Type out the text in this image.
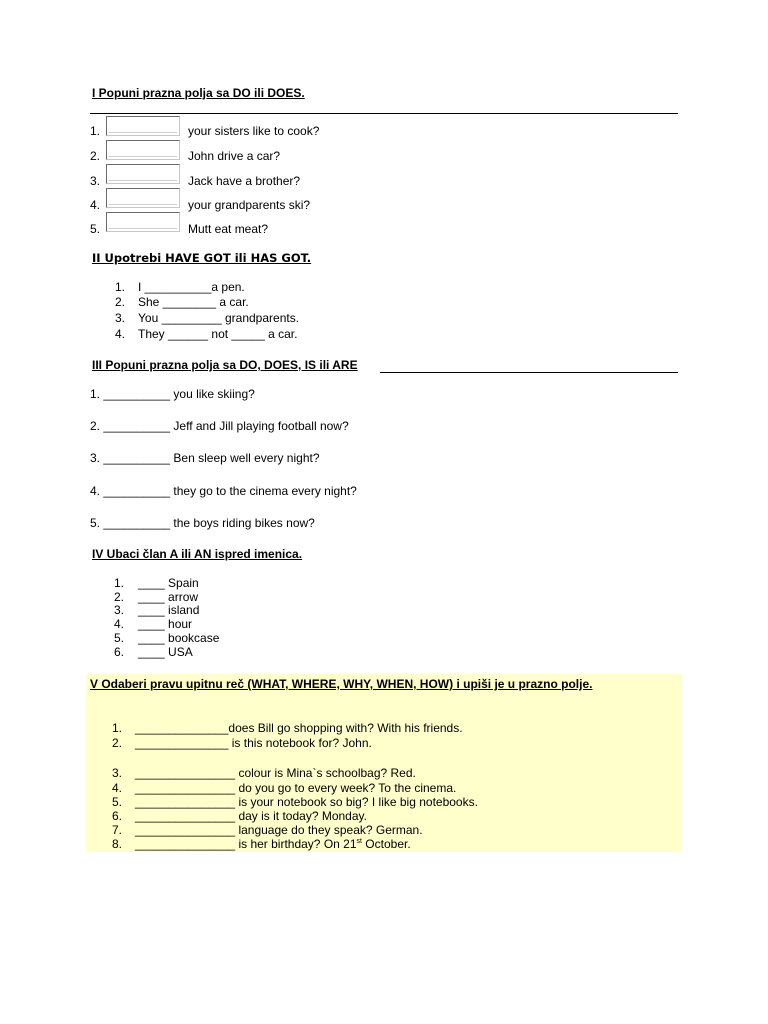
I Popuni prazna polja sa DO ili DOES.
1.	your sisters like to cook?
2.	John drive a car?
3.	Jack have a brother?
4.	your grandparents ski?
5.	Mutt eat meat?
II Upotrebi HAVE GOT ili HAS GOT.
1. I __________a pen.
2. She ________ a car.
3. You _________ grandparents.
4. They ______ not _____ a car.
III Popuni prazna polja sa DO, DOES, IS ili ARE
1. __________ you like skiing?
2. __________ Jeff and Jill playing football now?
3. __________ Ben sleep well every night?
4. __________ they go to the cinema every night?
5. __________ the boys riding bikes now?
IV Ubaci član A ili AN ispred imenica.
1. ____ Spain
2. ____ arrow
3. ____ island
4. ____ hour
5. ____ bookcase
6. ____ USA
V Odaberi pravu upitnu reč (WHAT, WHERE, WHY, WHEN, HOW) i upiši je u prazno polje.
1. ______________does Bill go shopping with? With his friends.
2. ______________ is this notebook for? John.
3. _______________ colour is Mina`s schoolbag? Red.
4. _______________ do you go to every week? To the cinema.
5. _______________ is your notebook so big? I like big notebooks.
6. _______________ day is it today? Monday.
7. _______________ language do they speak? German.
8. _______________ is her birthday? On 21st October.
